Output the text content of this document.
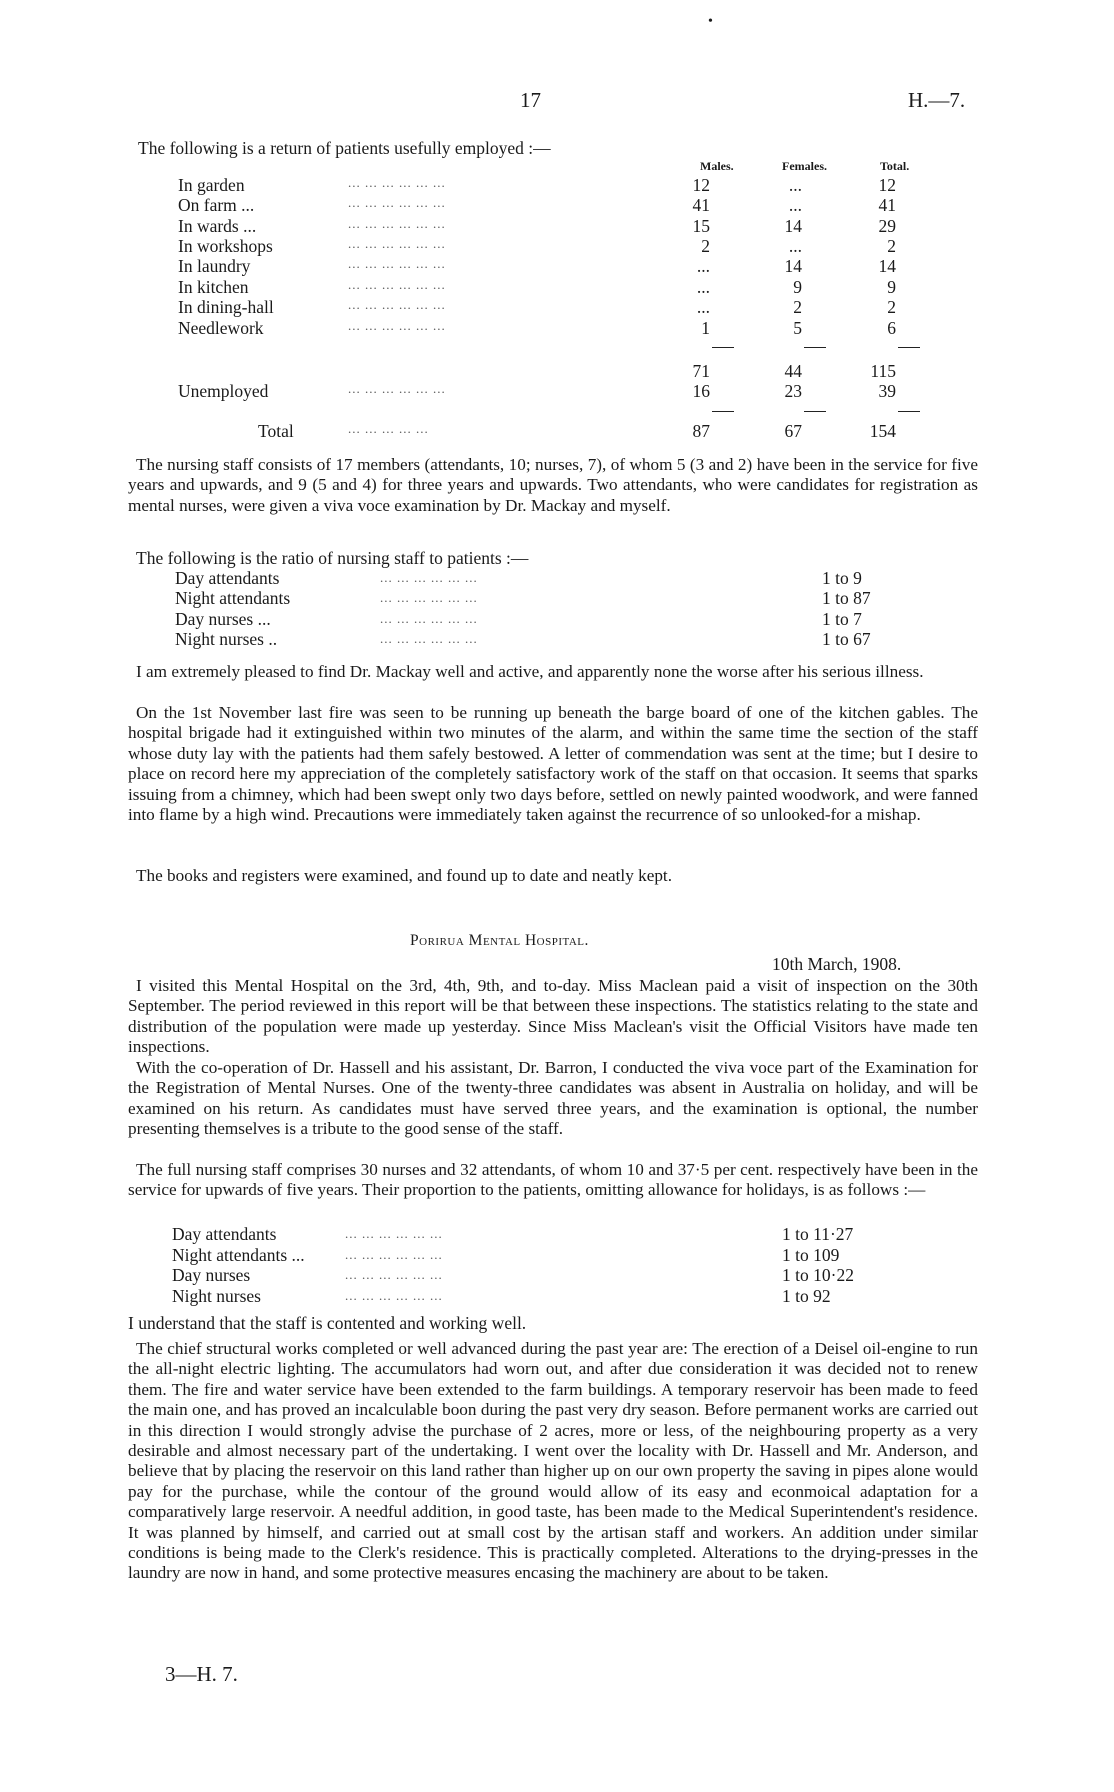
•
17	H.—7.
The following is a return of patients usefully employed :—
Males.	Females.	Total.
In garden	... ... ... ... ... ...	12	...	12
On farm ...	... ... ... ... ... ...	41	...	41
In wards ...	... ... ... ... ... ...	15	14	29
In workshops	... ... ... ... ... ...	2	...	2
In laundry	... ... ... ... ... ...	...	14	14
In kitchen	... ... ... ... ... ...	...	9	9
In dining-hall	... ... ... ... ... ...	...	2	2
Needlework	... ... ... ... ... ...	1	5	6
71	44	115
Unemployed	... ... ... ... ... ...	16	23	39
Total	... ... ... ... ...	87	67	154
The nursing staff consists of 17 members (attendants, 10; nurses, 7), of whom 5 (3 and 2) have been in the service for five years and upwards, and 9 (5 and 4) for three years and upwards. Two attendants, who were candidates for registration as mental nurses, were given a viva voce examination by Dr. Mackay and myself.
The following is the ratio of nursing staff to patients :—
Day attendants	... ... ... ... ... ...	1 to 9
Night attendants	... ... ... ... ... ...	1 to 87
Day nurses ...	... ... ... ... ... ...	1 to 7
Night nurses ..	... ... ... ... ... ...	1 to 67
I am extremely pleased to find Dr. Mackay well and active, and apparently none the worse after his serious illness.
On the 1st November last fire was seen to be running up beneath the barge board of one of the kitchen gables. The hospital brigade had it extinguished within two minutes of the alarm, and within the same time the section of the staff whose duty lay with the patients had them safely bestowed. A letter of commendation was sent at the time; but I desire to place on record here my appreciation of the completely satisfactory work of the staff on that occasion. It seems that sparks issuing from a chimney, which had been swept only two days before, settled on newly painted woodwork, and were fanned into flame by a high wind. Precautions were immediately taken against the recurrence of so unlooked-for a mishap.
The books and registers were examined, and found up to date and neatly kept.
Porirua Mental Hospital.
10th March, 1908.
I visited this Mental Hospital on the 3rd, 4th, 9th, and to-day. Miss Maclean paid a visit of inspection on the 30th September. The period reviewed in this report will be that between these inspections. The statistics relating to the state and distribution of the population were made up yesterday. Since Miss Maclean's visit the Official Visitors have made ten inspections.
With the co-operation of Dr. Hassell and his assistant, Dr. Barron, I conducted the viva voce part of the Examination for the Registration of Mental Nurses. One of the twenty-three candidates was absent in Australia on holiday, and will be examined on his return. As candidates must have served three years, and the examination is optional, the number presenting themselves is a tribute to the good sense of the staff.
The full nursing staff comprises 30 nurses and 32 attendants, of whom 10 and 37·5 per cent. respectively have been in the service for upwards of five years. Their proportion to the patients, omitting allowance for holidays, is as follows :—
Day attendants	... ... ... ... ... ...	1 to 11·27
Night attendants ...	... ... ... ... ... ...	1 to 109
Day nurses	... ... ... ... ... ...	1 to 10·22
Night nurses	... ... ... ... ... ...	1 to 92
I understand that the staff is contented and working well.
The chief structural works completed or well advanced during the past year are: The erection of a Deisel oil-engine to run the all-night electric lighting. The accumulators had worn out, and after due consideration it was decided not to renew them. The fire and water service have been extended to the farm buildings. A temporary reservoir has been made to feed the main one, and has proved an incalculable boon during the past very dry season. Before permanent works are carried out in this direction I would strongly advise the purchase of 2 acres, more or less, of the neighbouring property as a very desirable and almost necessary part of the undertaking. I went over the locality with Dr. Hassell and Mr. Anderson, and believe that by placing the reservoir on this land rather than higher up on our own property the saving in pipes alone would pay for the purchase, while the contour of the ground would allow of its easy and econmoical adaptation for a comparatively large reservoir. A needful addition, in good taste, has been made to the Medical Superintendent's residence. It was planned by himself, and carried out at small cost by the artisan staff and workers. An addition under similar conditions is being made to the Clerk's residence. This is practically completed. Alterations to the drying-presses in the laundry are now in hand, and some protective measures encasing the machinery are about to be taken.
3—H. 7.
